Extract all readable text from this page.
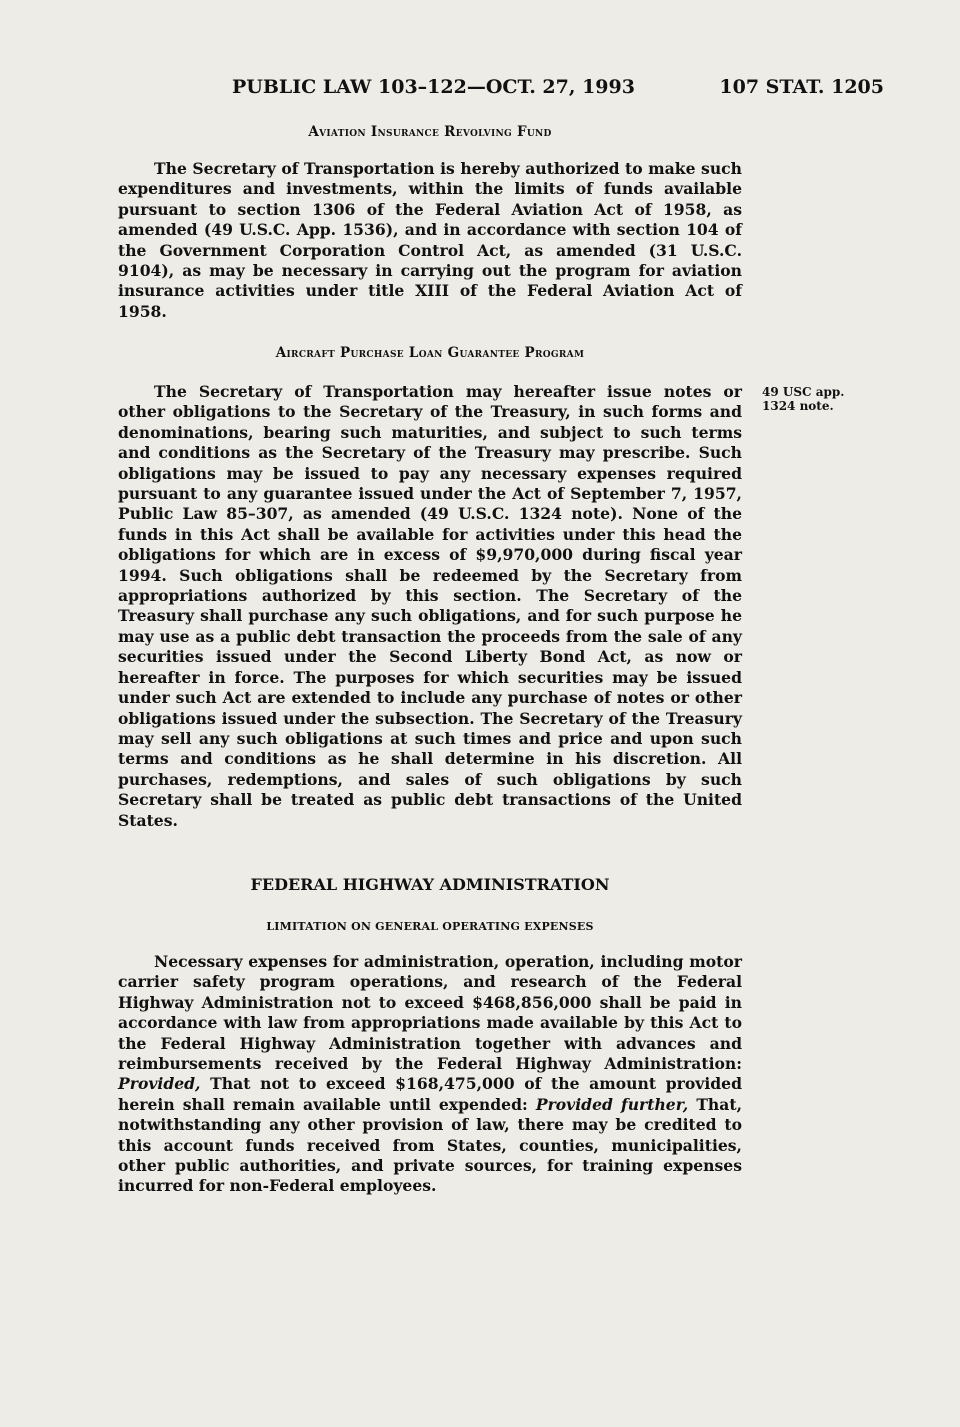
PUBLIC LAW 103–122—OCT. 27, 1993	107 STAT. 1205
Aviation Insurance Revolving Fund

The Secretary of Transportation is hereby authorized to make such expenditures and investments, within the limits of funds available pursuant to section 1306 of the Federal Aviation Act of 1958, as amended (49 U.S.C. App. 1536), and in accordance with section 104 of the Government Corporation Control Act, as amended (31 U.S.C. 9104), as may be necessary in carrying out the program for aviation insurance activities under title XIII of the Federal Aviation Act of 1958.

Aircraft Purchase Loan Guarantee Program
49 USC app.
1324 note.

The Secretary of Transportation may hereafter issue notes or other obligations to the Secretary of the Treasury, in such forms and denominations, bearing such maturities, and subject to such terms and conditions as the Secretary of the Treasury may prescribe. Such obligations may be issued to pay any necessary expenses required pursuant to any guarantee issued under the Act of September 7, 1957, Public Law 85–307, as amended (49 U.S.C. 1324 note). None of the funds in this Act shall be available for activities under this head the obligations for which are in excess of $9,970,000 during fiscal year 1994. Such obligations shall be redeemed by the Secretary from appropriations authorized by this section. The Secretary of the Treasury shall purchase any such obligations, and for such purpose he may use as a public debt transaction the proceeds from the sale of any securities issued under the Second Liberty Bond Act, as now or hereafter in force. The purposes for which securities may be issued under such Act are extended to include any purchase of notes or other obligations issued under the subsection. The Secretary of the Treasury may sell any such obligations at such times and price and upon such terms and conditions as he shall determine in his discretion. All purchases, redemptions, and sales of such obligations by such Secretary shall be treated as public debt transactions of the United States.

FEDERAL HIGHWAY ADMINISTRATION
LIMITATION ON GENERAL OPERATING EXPENSES

Necessary expenses for administration, operation, including motor carrier safety program operations, and research of the Federal Highway Administration not to exceed $468,856,000 shall be paid in accordance with law from appropriations made available by this Act to the Federal Highway Administration together with advances and reimbursements received by the Federal Highway Administration: Provided, That not to exceed $168,475,000 of the amount provided herein shall remain available until expended: Provided further, That, notwithstanding any other provision of law, there may be credited to this account funds received from States, counties, municipalities, other public authorities, and private sources, for training expenses incurred for non-Federal employees.
